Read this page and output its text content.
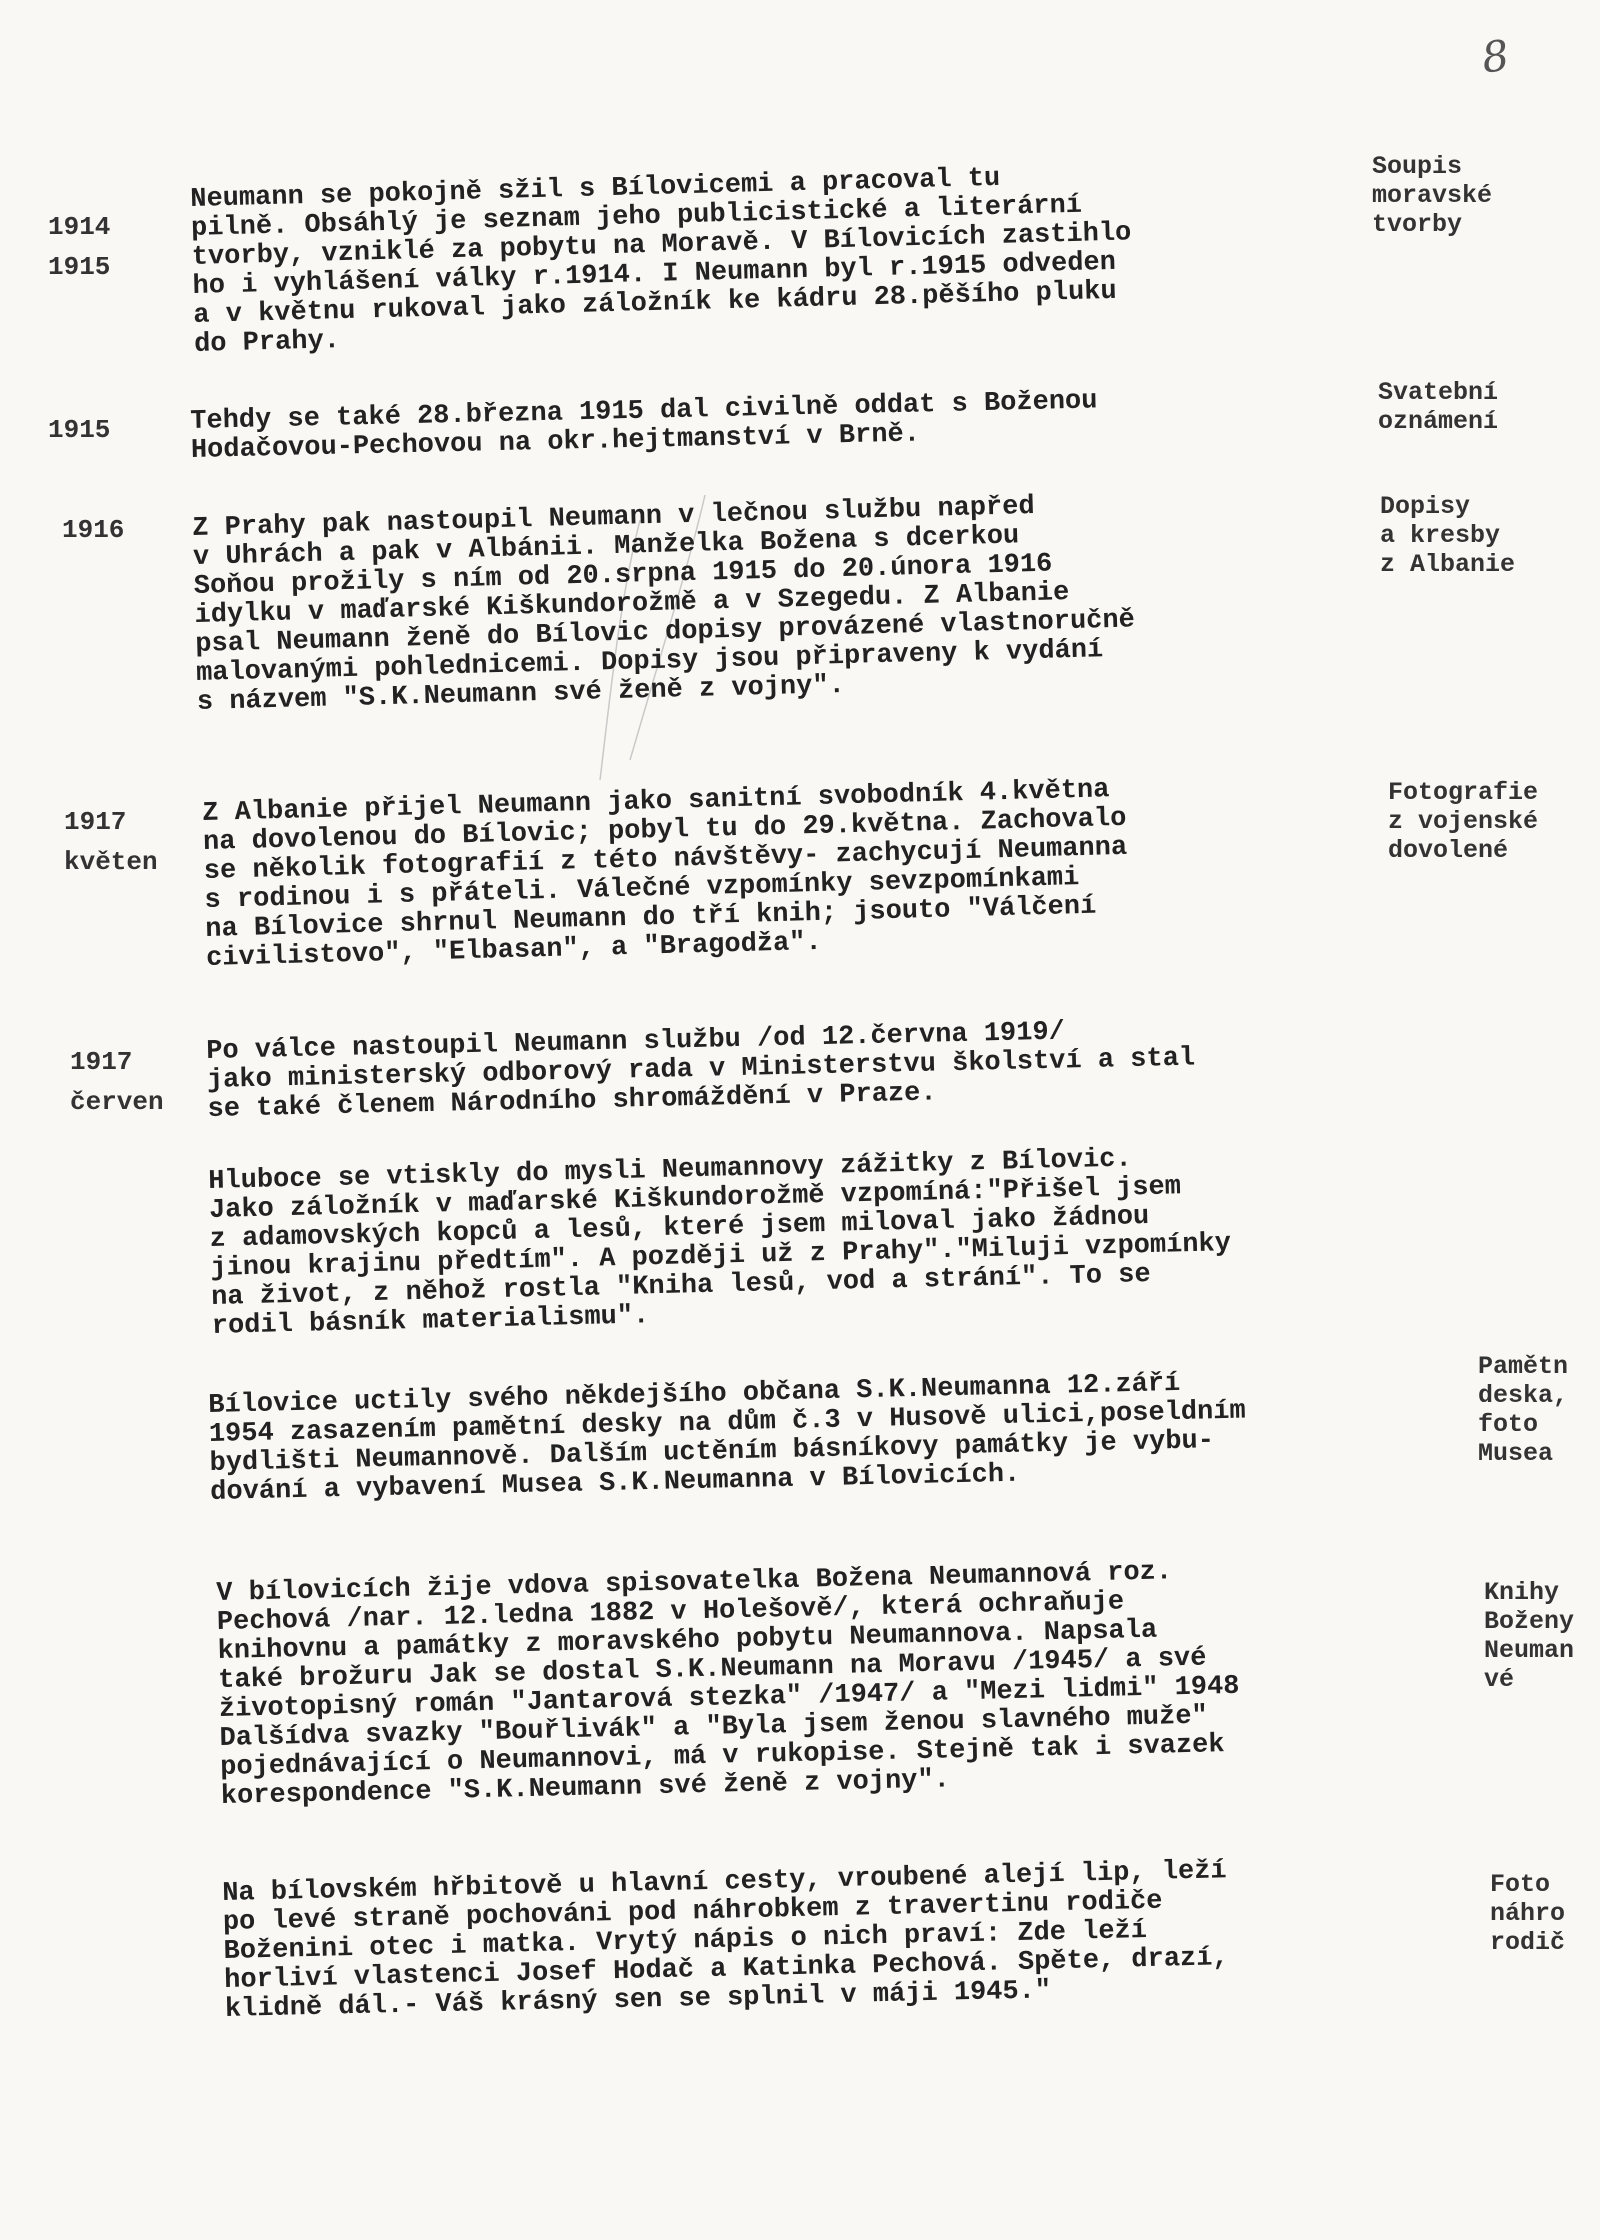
8
1914
1915
Neumann se pokojně sžil s Bílovicemi a pracoval tu
pilně. Obsáhlý je seznam jeho publicistické a literární
tvorby, vzniklé za pobytu na Moravě. V Bílovicích zastihlo
ho i vyhlášení války r.1914. I Neumann byl r.1915 odveden
a v květnu rukoval jako záložník ke kádru 28.pěšího pluku
do Prahy.
Soupis
moravské
tvorby
1915	Tehdy se také 28.března 1915 dal civilně oddat s Boženou
Hodačovou-Pechovou na okr.hejtmanství v Brně.
Svatební
oznámení
1916	Z Prahy pak nastoupil Neumann v lečnou službu napřed
v Uhrách a pak v Albánii. Manželka Božena s dcerkou
Soňou prožily s ním od 20.srpna 1915 do 20.února 1916
idylku v maďarské Kiškundorožmě a v Szegedu. Z Albanie
psal Neumann ženě do Bílovic dopisy provázené vlastnoručně
malovanými pohlednicemi. Dopisy jsou připraveny k vydání
s názvem "S.K.Neumann své ženě z vojny".
Dopisy
a kresby
z Albanie
1917
květen
Z Albanie přijel Neumann jako sanitní svobodník 4.května
na dovolenou do Bílovic; pobyl tu do 29.května. Zachovalo
se několik fotografií z této návštěvy- zachycují Neumanna
s rodinou i s přáteli. Válečné vzpomínky sevzpomínkami
na Bílovice shrnul Neumann do tří knih; jsouto "Válčení
civilistovo", "Elbasan", a "Bragodža".
Fotografie
z vojenské
dovolené
1917
červen
Po válce nastoupil Neumann službu /od 12.června 1919/
jako ministerský odborový rada v Ministerstvu školství a stal
se také členem Národního shromáždění v Praze.
Hluboce se vtiskly do mysli Neumannovy zážitky z Bílovic.
Jako záložník v maďarské Kiškundorožmě vzpomíná:"Přišel jsem
z adamovských kopců a lesů, které jsem miloval jako žádnou
jinou krajinu předtím". A později už z Prahy"."Miluji vzpomínky
na život, z něhož rostla "Kniha lesů, vod a strání". To se
rodil básník materialismu".
Bílovice uctily svého někdejšího občana S.K.Neumanna 12.září
1954 zasazením pamětní desky na dům č.3 v Husově ulici,poseldním
bydlišti Neumannově. Dalším uctěním básníkovy památky je vybu-
dování a vybavení Musea S.K.Neumanna v Bílovicích.
Pamětn
deska,
foto
Musea
V bílovicích žije vdova spisovatelka Božena Neumannová roz.
Pechová /nar. 12.ledna 1882 v Holešově/, která ochraňuje
knihovnu a památky z moravského pobytu Neumannova. Napsala
také brožuru Jak se dostal S.K.Neumann na Moravu /1945/ a své
životopisný román "Jantarová stezka" /1947/ a "Mezi lidmi" 1948
Dalšídva svazky "Bouřlivák" a "Byla jsem ženou slavného muže"
pojednávající o Neumannovi, má v rukopise. Stejně tak i svazek
korespondence "S.K.Neumann své ženě z vojny".
Knihy
Boženy
Neuman
vé
Na bílovském hřbitově u hlavní cesty, vroubené alejí lip, leží
po levé straně pochováni pod náhrobkem z travertinu rodiče
Boženini otec i matka. Vrytý nápis o nich praví: Zde leží
horliví vlastenci Josef Hodač a Katinka Pechová. Spěte, drazí,
klidně dál.- Váš krásný sen se splnil v máji 1945."
Foto
náhro
rodič
